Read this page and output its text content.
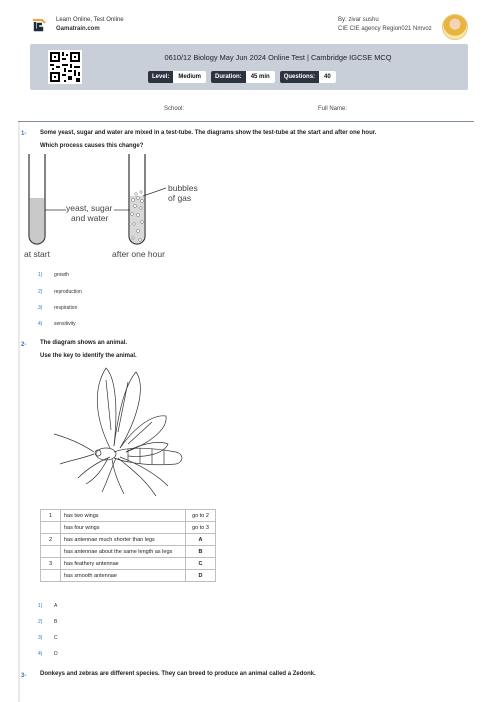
Learn Online, Test Online
Gamatrain.com
By: zivar sushu
CIE CIE agency Region021 Nmvoz
0610/12 Biology May Jun 2024 Online Test | Cambridge IGCSE MCQ
Level:	Medium	Duration:	45 min	Questions:	40
School:	Full Name:
1- Some yeast, sugar and water are mixed in a test-tube. The diagrams show the test-tube at the start and after one hour.
Which process causes this change?
yeast, sugar
and water
bubbles
of gas
at start	after one hour
1) growth
2) reproduction
3) respiration
4) sensitivity
2- The diagram shows an animal.
Use the key to identify the animal.
1	has two wings	go to 2
	has four wings	go to 3
2	has antennae much shorter than legs	A
	has antennae about the same length as legs	B
3	has feathery antennae	C
	has smooth antennae	D
1) A
2) B
3) C
4) D
3- Donkeys and zebras are different species. They can breed to produce an animal called a Zedonk.
